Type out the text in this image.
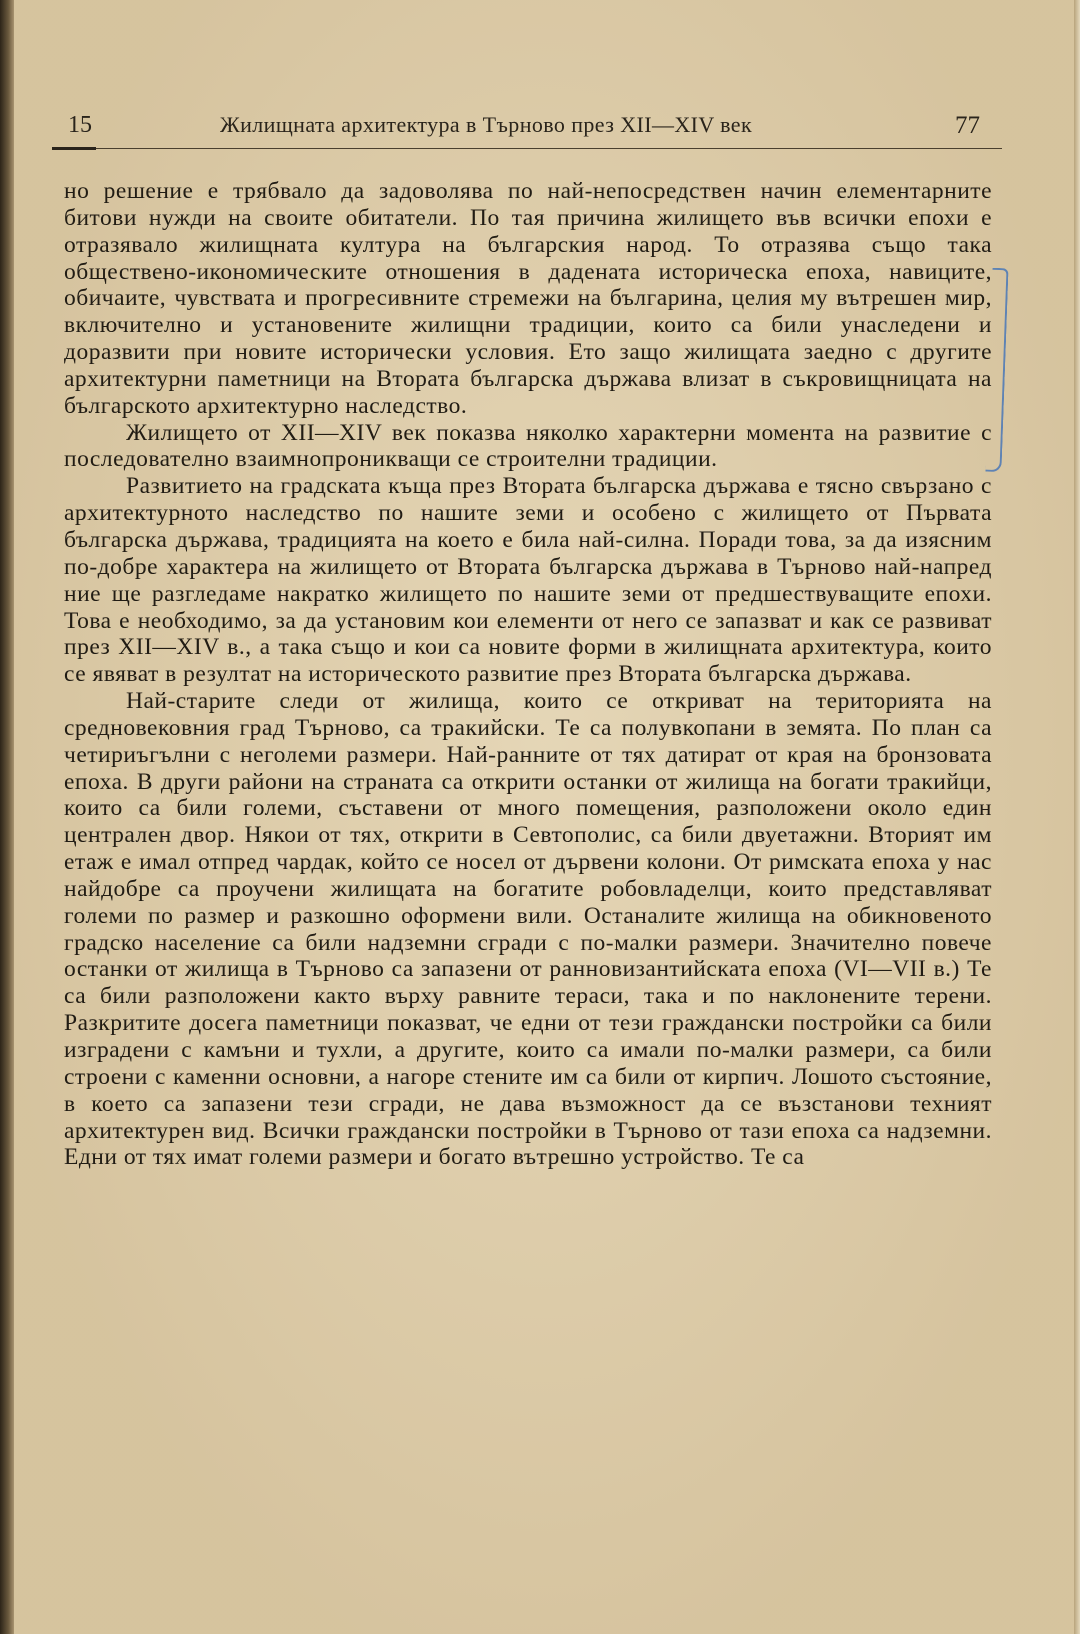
15	Жилищната архитектура в Търново през XII—XIV век	77

но решение е трябвало да задоволява по най-непосредствен начин елементарните битови нужди на своите обитатели. По тая причина жилището във всички епохи е отразявало жилищната култура на българския народ. То отразява също така обществено-икономическите отношения в дадената историческа епоха, навиците, обичаите, чувствата и прогресивните стремежи на българина, целия му вътрешен мир, включително и установените жилищни традиции, които са били унаследени и доразвити при новите исторически условия. Ето защо жилищата заедно с другите архитектурни паметници на Втората българска държава влизат в съкровищницата на българското архитектурно наследство.

Жилището от XII—XIV век показва няколко характерни момента на развитие с последователно взаимнопроникващи се строителни традиции.

Развитието на градската къща през Втората българска държава е тясно свързано с архитектурното наследство по нашите земи и особено с жилището от Първата българска държава, традицията на което е била най-силна. Поради това, за да изясним по-добре характера на жилището от Втората българска държава в Търново най-напред ние ще разгледаме накратко жилището по нашите земи от предшествуващите епохи. Това е необходимо, за да установим кои елементи от него се запазват и как се развиват през XII—XIV в., а така също и кои са новите форми в жилищната архитектура, които се явяват в резултат на историческото развитие през Втората българска държава.

Най-старите следи от жилища, които се откриват на територията на средновековния град Търново, са тракийски. Те са полувкопани в земята. По план са четириъгълни с неголеми размери. Най-ранните от тях датират от края на бронзовата епоха. В други райони на страната са открити останки от жилища на богати тракийци, които са били големи, съставени от много помещения, разположени около един централен двор. Някои от тях, открити в Севтополис, са били двуетажни. Вторият им етаж е имал отпред чардак, който се носел от дървени колони. От римската епоха у нас найдобре са проучени жилищата на богатите робовладелци, които представляват големи по размер и разкошно оформени вили. Останалите жилища на обикновеното градско население са били надземни сгради с по-малки размери. Значително повече останки от жилища в Търново са запазени от ранновизантийската епоха (VI—VII в.) Те са били разположени както върху равните тераси, така и по наклонените терени. Разкритите досега паметници показват, че едни от тези граждански постройки са били изградени с камъни и тухли, а другите, които са имали по-малки размери, са били строени с каменни основни, а нагоре стените им са били от кирпич. Лошото състояние, в което са запазени тези сгради, не дава възможност да се възстанови техният архитектурен вид. Всички граждански постройки в Търново от тази епоха са надземни. Едни от тях имат големи размери и богато вътрешно устройство. Те са
